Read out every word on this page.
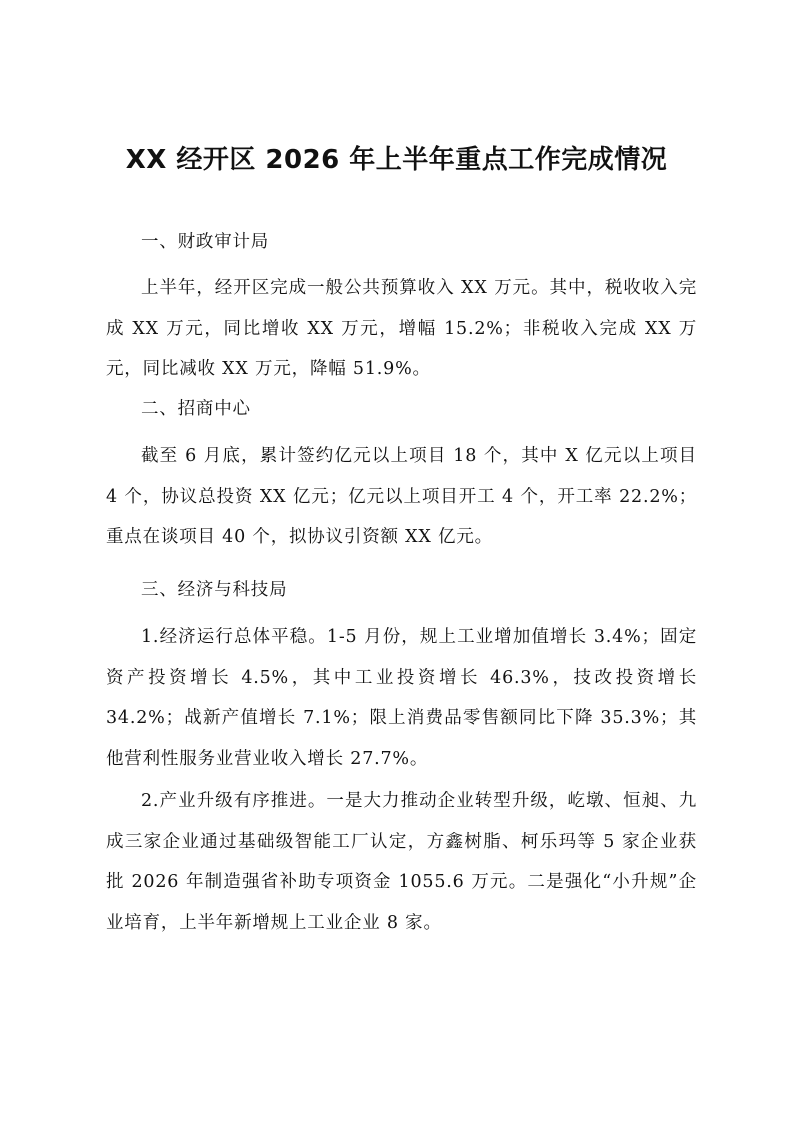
XX 经开区 2026 年上半年重点工作完成情况

一、财政审计局

上半年，经开区完成一般公共预算收入 XX 万元。其中，税收收入完成 XX 万元，同比增收 XX 万元，增幅 15.2%；非税收入完成 XX 万元，同比减收 XX 万元，降幅 51.9%。

二、招商中心

截至 6 月底，累计签约亿元以上项目 18 个，其中 X 亿元以上项目 4 个，协议总投资 XX 亿元；亿元以上项目开工 4 个，开工率 22.2%；重点在谈项目 40 个，拟协议引资额 XX 亿元。

三、经济与科技局

1.经济运行总体平稳。1-5 月份，规上工业增加值增长 3.4%；固定资产投资增长 4.5%，其中工业投资增长 46.3%，技改投资增长 34.2%；战新产值增长 7.1%；限上消费品零售额同比下降 35.3%；其他营利性服务业营业收入增长 27.7%。

2.产业升级有序推进。一是大力推动企业转型升级，屹墩、恒昶、九成三家企业通过基础级智能工厂认定，方鑫树脂、柯乐玛等 5 家企业获批 2026 年制造强省补助专项资金 1055.6 万元。二是强化“小升规”企业培育，上半年新增规上工业企业 8 家。
